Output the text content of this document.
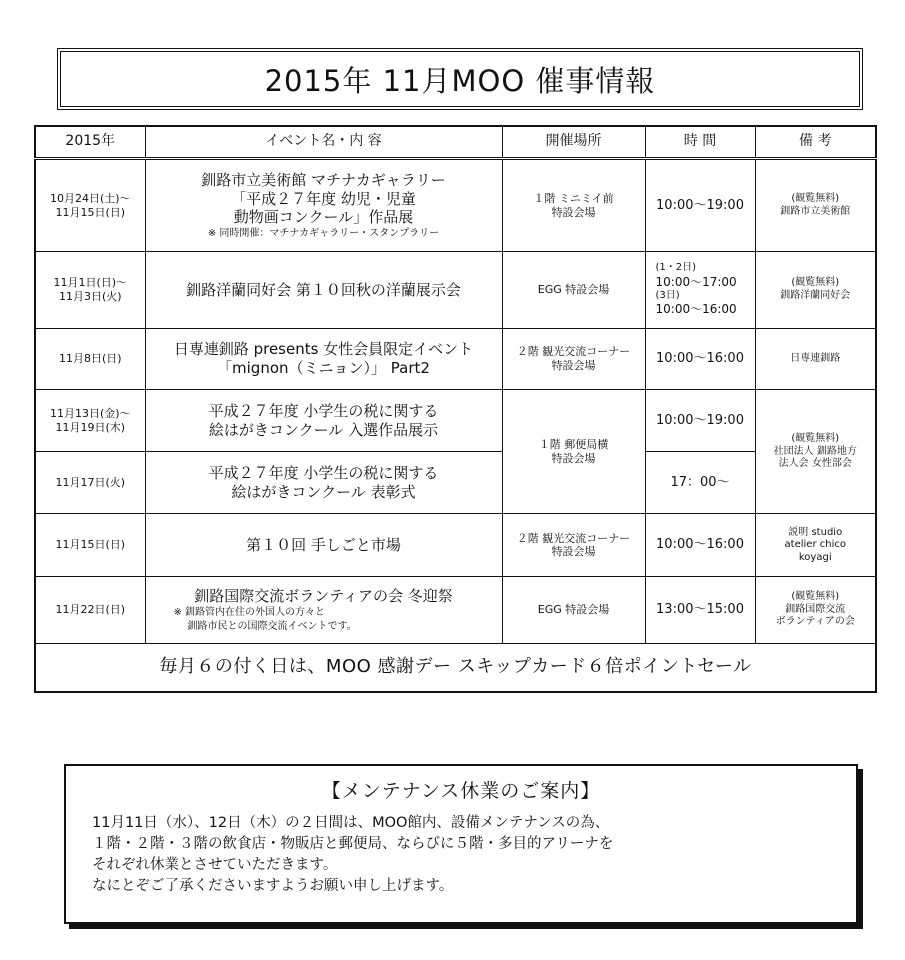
2015年 11月MOO 催事情報
2015年	イベント名・内 容	開催場所	時 間	備 考

10月24日(土)～
11月15日(日)	釧路市立美術館 マチナカギャラリー
「平成２７年度 幼児・児童
動物画コンクール」作品展
※ 同時開催：マチナカギャラリー・スタンプラリー	１階 ミニミイ前
特設会場	10:00～19:00	(観覧無料)
釧路市立美術館

11月1日(日)～
11月3日(火)	釧路洋蘭同好会 第１０回秋の洋蘭展示会	EGG 特設会場	(1・2日)
10:00～17:00
(3日)
10:00～16:00	(観覧無料)
釧路洋蘭同好会

11月8日(日)	日専連釧路 presents 女性会員限定イベント
「mignon（ミニョン）」 Part2	２階 観光交流コーナー
特設会場	10:00～16:00	日専連釧路

11月13日(金)～
11月19日(木)	平成２７年度 小学生の税に関する
絵はがきコンクール 入選作品展示	１階 郵便局横
特設会場	10:00～19:00	(観覧無料)
社団法人 釧路地方
法人会 女性部会

11月17日(火)	平成２７年度 小学生の税に関する
絵はがきコンクール 表彰式		17：00～	
11月15日(日)	第１０回 手しごと市場	２階 観光交流コーナー
特設会場	10:00～16:00	説明 studio
atelier chico
koyagi

11月22日(日)	釧路国際交流ボランティアの会 冬迎祭
※ 釧路管内在住の外国人の方々と
釧路市民との国際交流イベントです。	EGG 特設会場	13:00～15:00	(観覧無料)
釧路国際交流
ボランティアの会

毎月６の付く日は、MOO 感謝デー スキップカード６倍ポイントセール				
【メンテナンス休業のご案内】
11月11日（水）、12日（木）の２日間は、MOO館内、設備メンテナンスの為、
１階・２階・３階の飲食店・物販店と郵便局、ならびに５階・多目的アリーナを
それぞれ休業とさせていただきます。
なにとぞご了承くださいますようお願い申し上げます。
